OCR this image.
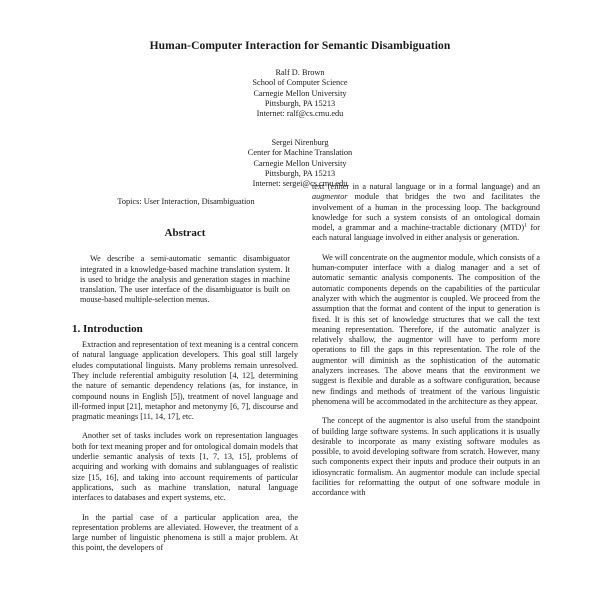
Human-Computer Interaction for Semantic Disambiguation
Ralf D. Brown
School of Computer Science
Carnegie Mellon University
Pittsburgh, PA 15213
Internet: ralf@cs.cmu.edu
Sergei Nirenburg
Center for Machine Translation
Carnegie Mellon University
Pittsburgh, PA 15213
Internet: sergei@cs.cmu.edu
Topics: User Interaction, Disambiguation
Abstract

We describe a semi-automatic semantic disambiguator integrated in a knowledge-based machine translation system. It is used to bridge the analysis and generation stages in machine translation. The user interface of the disambiguator is built on mouse-based multiple-selection menus.

1. Introduction

Extraction and representation of text meaning is a central concern of natural language application developers. This goal still largely eludes computational linguists. Many problems remain unresolved. They include referential ambiguity resolution [4, 12], determining the nature of semantic dependency relations (as, for instance, in compound nouns in English [5]), treatment of novel language and ill-formed input [21], metaphor and metonymy [6, 7], discourse and pragmatic meanings [11, 14, 17], etc.

Another set of tasks includes work on representation languages both for text meaning proper and for ontological domain models that underlie semantic analysis of texts [1, 7, 13, 15], problems of acquiring and working with domains and sublanguages of realistic size [15, 16], and taking into account requirements of particular applications, such as machine translation, natural language interfaces to databases and expert systems, etc.

In the partial case of a particular application area, the representation problems are alleviated. However, the treatment of a large number of linguistic phenomena is still a major problem. At this point, the developers of

text (either in a natural language or in a formal language) and an augmentor module that bridges the two and facilitates the involvement of a human in the processing loop. The background knowledge for such a system consists of an ontological domain model, a grammar and a machine-tractable dictionary (MTD)$^1$ for each natural language involved in either analysis or generation.

We will concentrate on the augmentor module, which consists of a human-computer interface with a dialog manager and a set of automatic semantic analysis components. The composition of the automatic components depends on the capabilities of the particular analyzer with which the augmentor is coupled. We proceed from the assumption that the format and content of the input to generation is fixed. It is this set of knowledge structures that we call the text meaning representation. Therefore, if the automatic analyzer is relatively shallow, the augmentor will have to perform more operations to fill the gaps in this representation. The role of the augmentor will diminish as the sophistication of the automatic analyzers increases. The above means that the environment we suggest is flexible and durable as a software configuration, because new findings and methods of treatment of the various linguistic phenomena will be accommodated in the architecture as they appear.

The concept of the augmentor is also useful from the standpoint of building large software systems. In such applications it is usually desirable to incorporate as many existing software modules as possible, to avoid developing software from scratch. However, many such components expect their inputs and produce their outputs in an idiosyncratic formalism. An augmentor module can include special facilities for reformatting the output of one software module in accordance with
